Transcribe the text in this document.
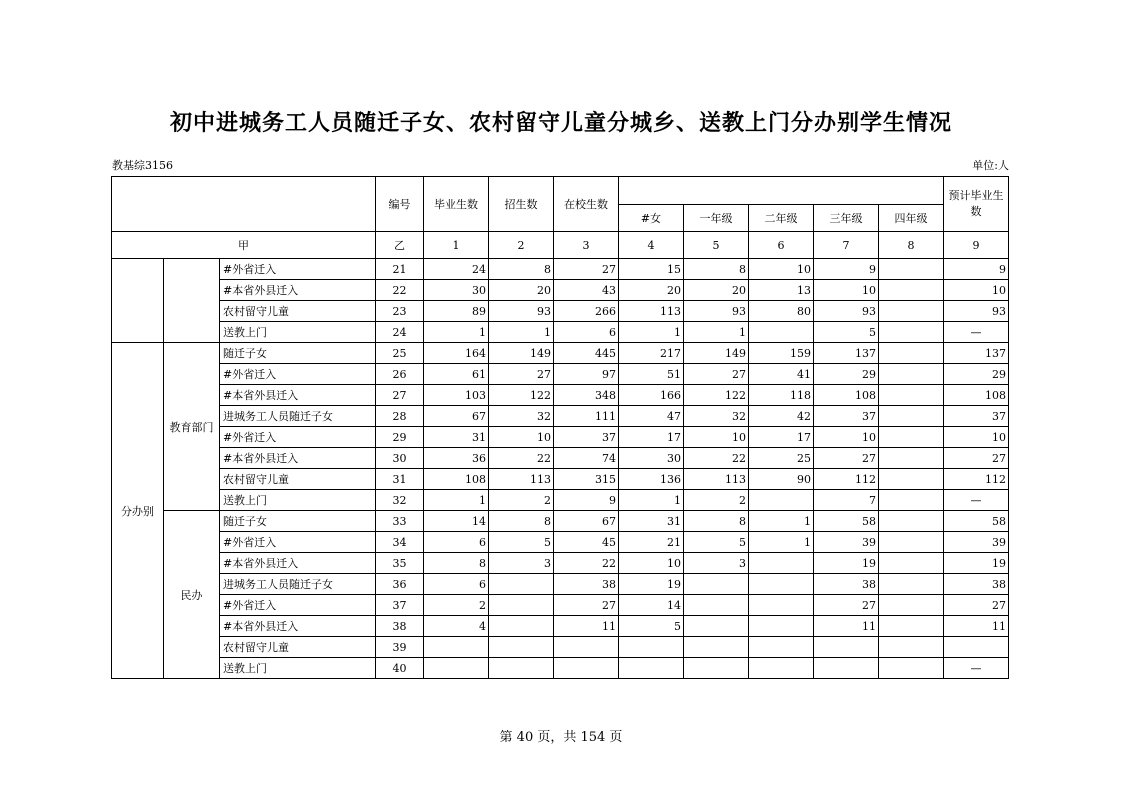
初中进城务工人员随迁子女、农村留守儿童分城乡、送教上门分办别学生情况
教基综3156	单位:人
			编号	毕业生数	招生数	在校生数						预计毕业生数
							#女	一年级	二年级	三年级	四年级	
甲			乙	1	2	3	4	5	6	7	8	9
		#外省迁入	21	24	8	27	15	8	10	9		9
		#本省外县迁入	22	30	20	43	20	20	13	10		10
		农村留守儿童	23	89	93	266	113	93	80	93		93
		送教上门	24	1	1	6	1	1		5		—
分办别	教育部门	随迁子女	25	164	149	445	217	149	159	137		137
		#外省迁入	26	61	27	97	51	27	41	29		29
		#本省外县迁入	27	103	122	348	166	122	118	108		108
		进城务工人员随迁子女	28	67	32	111	47	32	42	37		37
		#外省迁入	29	31	10	37	17	10	17	10		10
		#本省外县迁入	30	36	22	74	30	22	25	27		27
		农村留守儿童	31	108	113	315	136	113	90	112		112
		送教上门	32	1	2	9	1	2		7		—
	民办	随迁子女	33	14	8	67	31	8	1	58		58
		#外省迁入	34	6	5	45	21	5	1	39		39
		#本省外县迁入	35	8	3	22	10	3		19		19
		进城务工人员随迁子女	36	6		38	19			38		38
		#外省迁入	37	2		27	14			27		27
		#本省外县迁入	38	4		11	5			11		11
		农村留守儿童	39									
		送教上门	40									—
第 40 页，共 154 页
